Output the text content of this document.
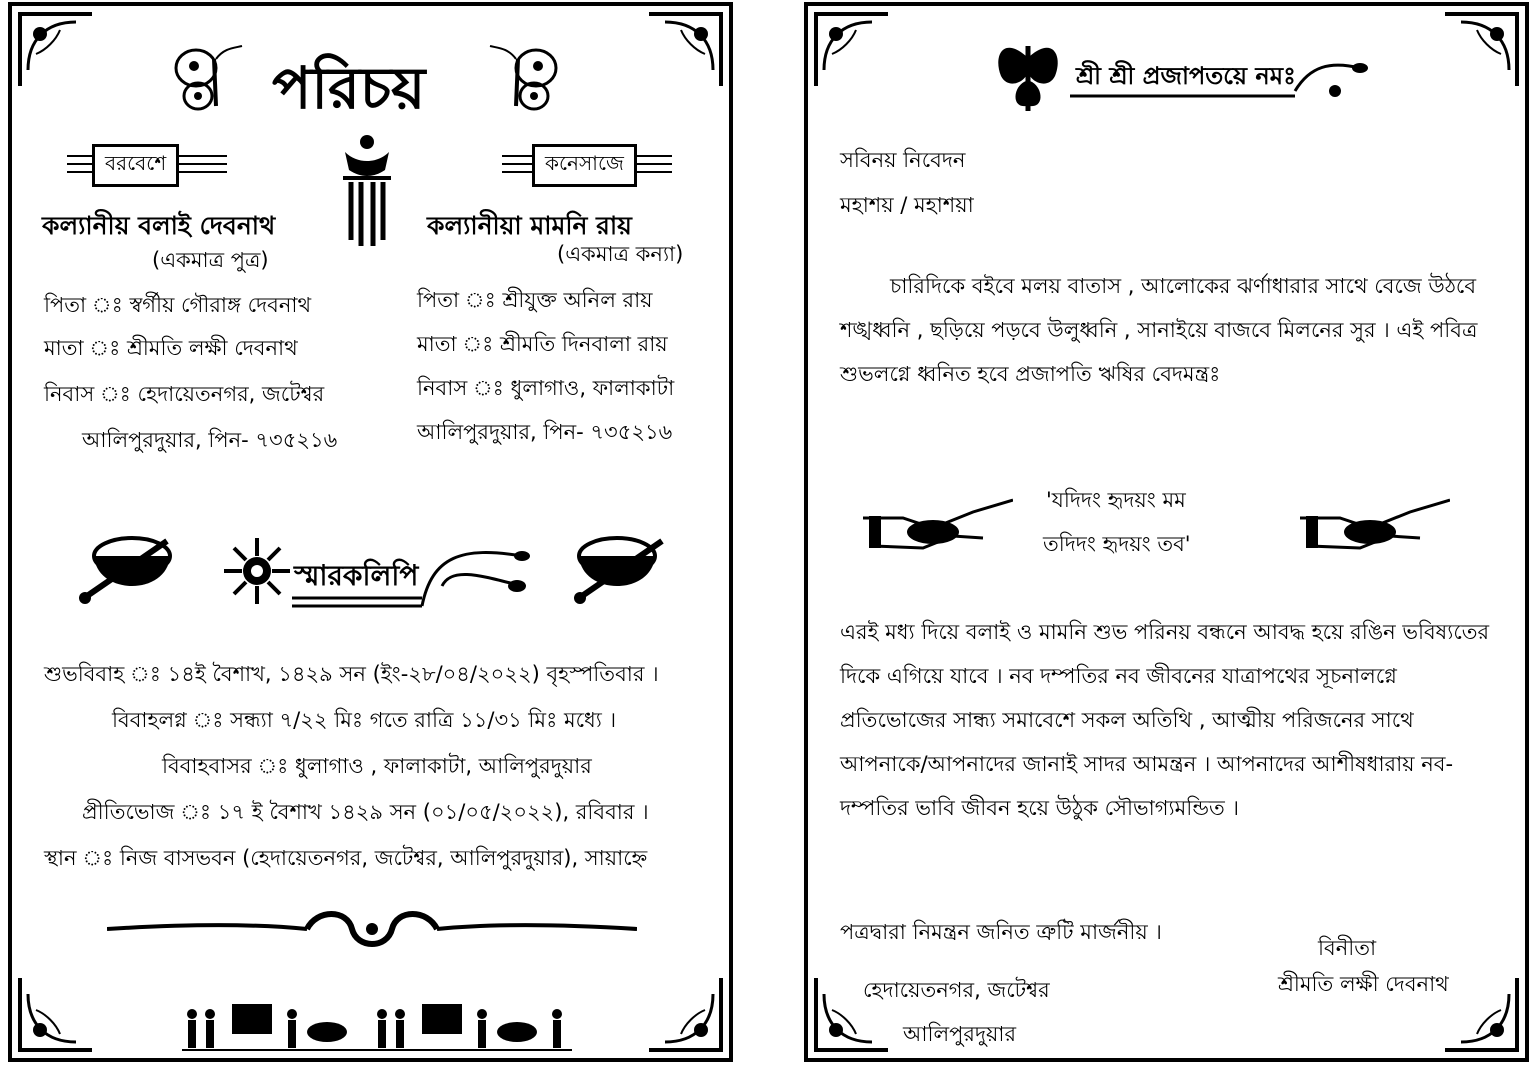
পরিচয়
বরবেশে	কনেসাজে
কল্যানীয় বলাই দেবনাথ
(একমাত্র পুত্র)
পিতা ঃ স্বর্গীয় গৌরাঙ্গ দেবনাথ
মাতা ঃ শ্রীমতি লক্ষী দেবনাথ
নিবাস ঃ হেদায়েতনগর, জটেশ্বর
আলিপুরদুয়ার, পিন- ৭৩৫২১৬
কল্যানীয়া মামনি রায়
(একমাত্র কন্যা)
পিতা ঃ শ্রীযুক্ত অনিল রায়
মাতা ঃ শ্রীমতি দিনবালা রায়
নিবাস ঃ ধুলাগাও, ফালাকাটা
আলিপুরদুয়ার, পিন- ৭৩৫২১৬
স্মারকলিপি
শুভবিবাহ ঃ ১৪ই বৈশাখ, ১৪২৯ সন (ইং-২৮/০৪/২০২২) বৃহস্পতিবার ।
বিবাহলগ্ন ঃ সন্ধ্যা ৭/২২ মিঃ গতে রাত্রি ১১/৩১ মিঃ মধ্যে ।
বিবাহবাসর ঃ ধুলাগাও , ফালাকাটা, আলিপুরদুয়ার
প্রীতিভোজ ঃ ১৭ ই বৈশাখ ১৪২৯ সন (০১/০৫/২০২২), রবিবার ।
স্থান ঃ নিজ বাসভবন (হেদায়েতনগর, জটেশ্বর, আলিপুরদুয়ার), সায়াহ্নে
শ্রী শ্রী প্রজাপতয়ে নমঃ
সবিনয় নিবেদন
মহাশয় / মহাশয়া
চারিদিকে বইবে মলয় বাতাস , আলোকের ঝর্ণাধারার সাথে বেজে উঠবে শঙ্খধ্বনি , ছড়িয়ে পড়বে উলুধ্বনি , সানাইয়ে বাজবে মিলনের সুর । এই পবিত্র শুভলগ্নে ধ্বনিত হবে প্রজাপতি ঋষির বেদমন্ত্রঃ
'যদিদং হৃদয়ং মম
তদিদং হৃদয়ং তব'
এরই মধ্য দিয়ে বলাই ও মামনি শুভ পরিনয় বন্ধনে আবদ্ধ হয়ে রঙিন ভবিষ্যতের দিকে এগিয়ে যাবে । নব দম্পতির নব জীবনের যাত্রাপথের সূচনালগ্নে প্রতিভোজের সান্ধ্য সমাবেশে সকল অতিথি , আত্মীয় পরিজনের সাথে আপনাকে/আপনাদের জানাই সাদর আমন্ত্রন । আপনাদের আশীষধারায় নব-দম্পতির ভাবি জীবন হয়ে উঠুক সৌভাগ্যমন্ডিত ।
পত্রদ্বারা নিমন্ত্রন জনিত ত্রুটি মার্জনীয় ।
বিনীতা
শ্রীমতি লক্ষী দেবনাথ
হেদায়েতনগর, জটেশ্বর
আলিপুরদুয়ার
